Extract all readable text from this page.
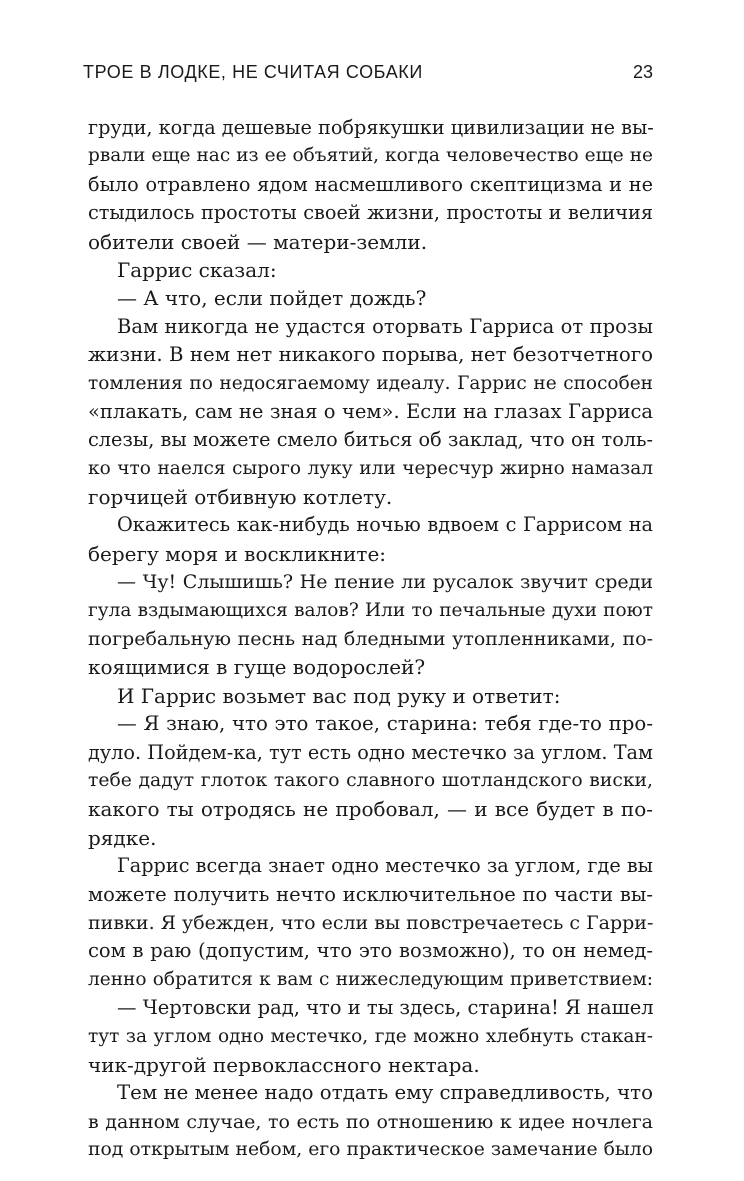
ТРОЕ В ЛОДКЕ, НЕ СЧИТАЯ СОБАКИ	23
груди, когда дешевые побрякушки цивилизации не вы-
рвали еще нас из ее объятий, когда человечество еще не
было отравлено ядом насмешливого скептицизма и не
стыдилось простоты своей жизни, простоты и величия
обители своей — матери-земли.
Гаррис сказал:
— А что, если пойдет дождь?
Вам никогда не удастся оторвать Гарриса от прозы
жизни. В нем нет никакого порыва, нет безотчетного
томления по недосягаемому идеалу. Гаррис не способен
«плакать, сам не зная о чем». Если на глазах Гарриса
слезы, вы можете смело биться об заклад, что он толь-
ко что наелся сырого луку или чересчур жирно намазал
горчицей отбивную котлету.
Окажитесь как-нибудь ночью вдвоем с Гаррисом на
берегу моря и воскликните:
— Чу! Слышишь? Не пение ли русалок звучит среди
гула вздымающихся валов? Или то печальные духи поют
погребальную песнь над бледными утопленниками, по-
коящимися в гуще водорослей?
И Гаррис возьмет вас под руку и ответит:
— Я знаю, что это такое, старина: тебя где-то про-
дуло. Пойдем-ка, тут есть одно местечко за углом. Там
тебе дадут глоток такого славного шотландского виски,
какого ты отродясь не пробовал, — и все будет в по-
рядке.
Гаррис всегда знает одно местечко за углом, где вы
можете получить нечто исключительное по части вы-
пивки. Я убежден, что если вы повстречаетесь с Гарри-
сом в раю (допустим, что это возможно), то он немед-
ленно обратится к вам с нижеследующим приветствием:
— Чертовски рад, что и ты здесь, старина! Я нашел
тут за углом одно местечко, где можно хлебнуть стакан-
чик-другой первоклассного нектара.
Тем не менее надо отдать ему справедливость, что
в данном случае, то есть по отношению к идее ночлега
под открытым небом, его практическое замечание было
